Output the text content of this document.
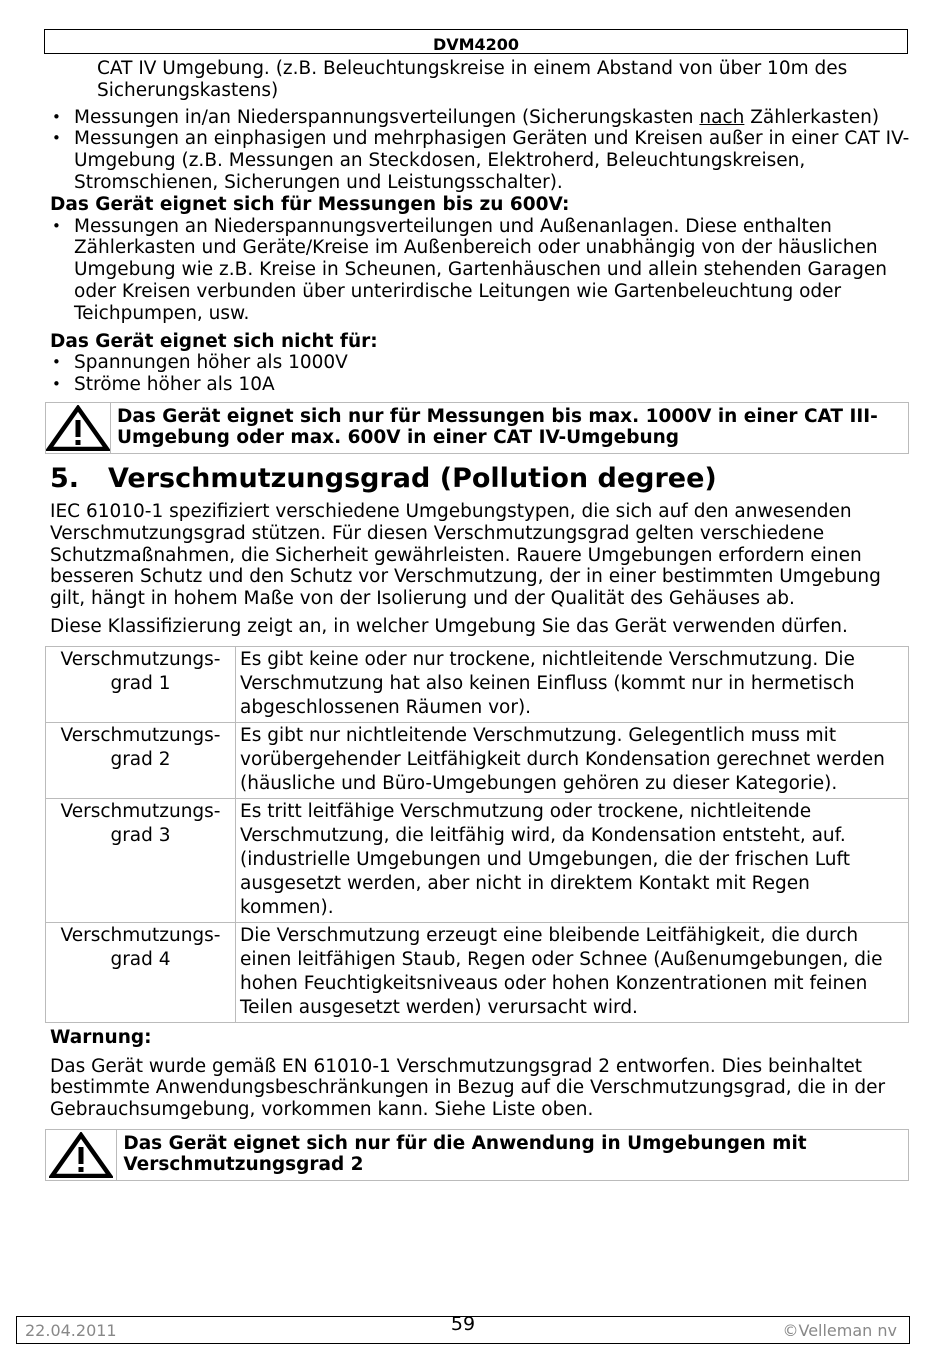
DVM4200

CAT IV Umgebung. (z.B. Beleuchtungskreise in einem Abstand von über 10m des Sicherungskastens)

• Messungen in/an Niederspannungsverteilungen (Sicherungskasten nach Zählerkasten)
• Messungen an einphasigen und mehrphasigen Geräten und Kreisen außer in einer CAT IV-Umgebung (z.B. Messungen an Steckdosen, Elektroherd, Beleuchtungskreisen, Stromschienen, Sicherungen und Leistungsschalter).

Das Gerät eignet sich für Messungen bis zu 600V:

• Messungen an Niederspannungsverteilungen und Außenanlagen. Diese enthalten Zählerkasten und Geräte/Kreise im Außenbereich oder unabhängig von der häuslichen Umgebung wie z.B. Kreise in Scheunen, Gartenhäuschen und allein stehenden Garagen oder Kreisen verbunden über unterirdische Leitungen wie Gartenbeleuchtung oder Teichpumpen, usw.

Das Gerät eignet sich nicht für:

• Spannungen höher als 1000V
• Ströme höher als 10A
Das Gerät eignet sich nur für Messungen bis max. 1000V in einer CAT III-Umgebung oder max. 600V in einer CAT IV-Umgebung
5. Verschmutzungsgrad (Pollution degree)

IEC 61010-1 spezifiziert verschiedene Umgebungstypen, die sich auf den anwesenden Verschmutzungsgrad stützen. Für diesen Verschmutzungsgrad gelten verschiedene Schutzmaßnahmen, die Sicherheit gewährleisten. Rauere Umgebungen erfordern einen besseren Schutz und den Schutz vor Verschmutzung, der in einer bestimmten Umgebung gilt, hängt in hohem Maße von der Isolierung und der Qualität des Gehäuses ab.

Diese Klassifizierung zeigt an, in welcher Umgebung Sie das Gerät verwenden dürfen.

Verschmutzungs-
grad 1	Es gibt keine oder nur trockene, nichtleitende Verschmutzung. Die Verschmutzung hat also keinen Einfluss (kommt nur in hermetisch abgeschlossenen Räumen vor).
Verschmutzungs-
grad 2	Es gibt nur nichtleitende Verschmutzung. Gelegentlich muss mit vorübergehender Leitfähigkeit durch Kondensation gerechnet werden (häusliche und Büro-Umgebungen gehören zu dieser Kategorie).
Verschmutzungs-
grad 3	Es tritt leitfähige Verschmutzung oder trockene, nichtleitende Verschmutzung, die leitfähig wird, da Kondensation entsteht, auf. (industrielle Umgebungen und Umgebungen, die der frischen Luft ausgesetzt werden, aber nicht in direktem Kontakt mit Regen kommen).
Verschmutzungs-
grad 4	Die Verschmutzung erzeugt eine bleibende Leitfähigkeit, die durch einen leitfähigen Staub, Regen oder Schnee (Außenumgebungen, die hohen Feuchtigkeitsniveaus oder hohen Konzentrationen mit feinen Teilen ausgesetzt werden) verursacht wird.

Warnung:

Das Gerät wurde gemäß EN 61010-1 Verschmutzungsgrad 2 entworfen. Dies beinhaltet bestimmte Anwendungsbeschränkungen in Bezug auf die Verschmutzungsgrad, die in der Gebrauchsumgebung, vorkommen kann. Siehe Liste oben.

Das Gerät eignet sich nur für die Anwendung in Umgebungen mit Verschmutzungsgrad 2
22.04.2011	59	©Velleman nv
